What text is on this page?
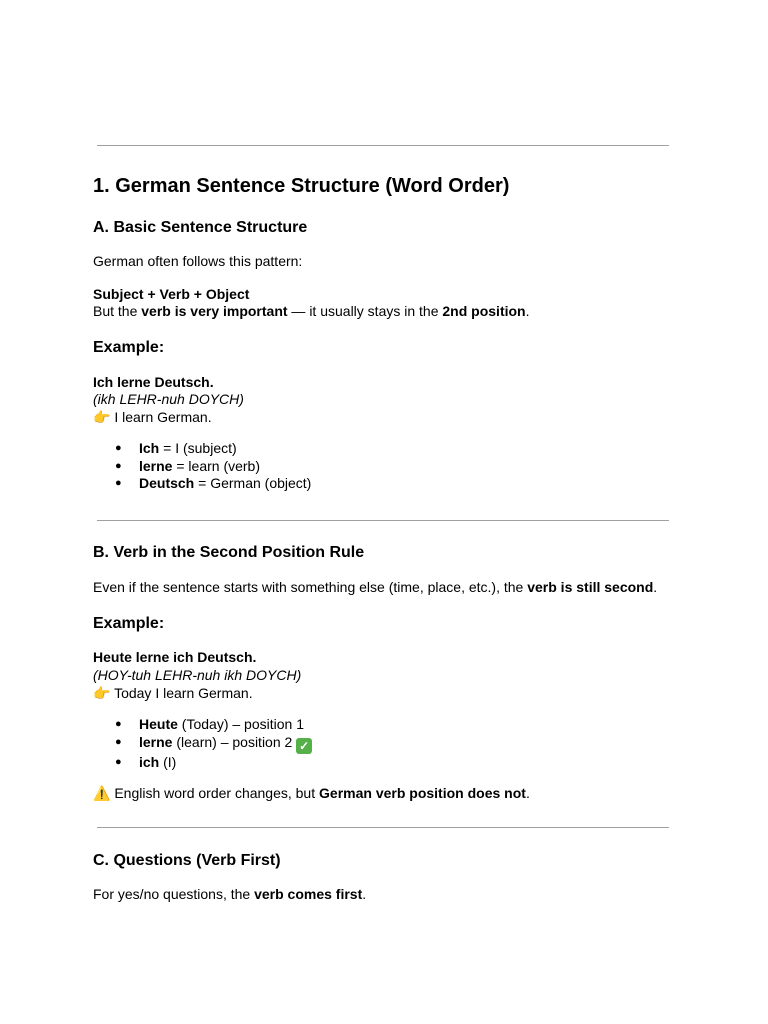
1. German Sentence Structure (Word Order)
A. Basic Sentence Structure

German often follows this pattern:

Subject + Verb + Object

But the verb is very important — it usually stays in the 2nd position.

Example:

Ich lerne Deutsch.

(ikh LEHR-nuh DOYCH)

👉 I learn German.

● Ich = I (subject)
● lerne = learn (verb)
● Deutsch = German (object)
B. Verb in the Second Position Rule

Even if the sentence starts with something else (time, place, etc.), the verb is still second.

Example:

Heute lerne ich Deutsch.

(HOY-tuh LEHR-nuh ikh DOYCH)

👉 Today I learn German.

● Heute (Today) – position 1
● lerne (learn) – position 2 ✓
● ich (I)

⚠️ English word order changes, but German verb position does not.

C. Questions (Verb First)

For yes/no questions, the verb comes first.
